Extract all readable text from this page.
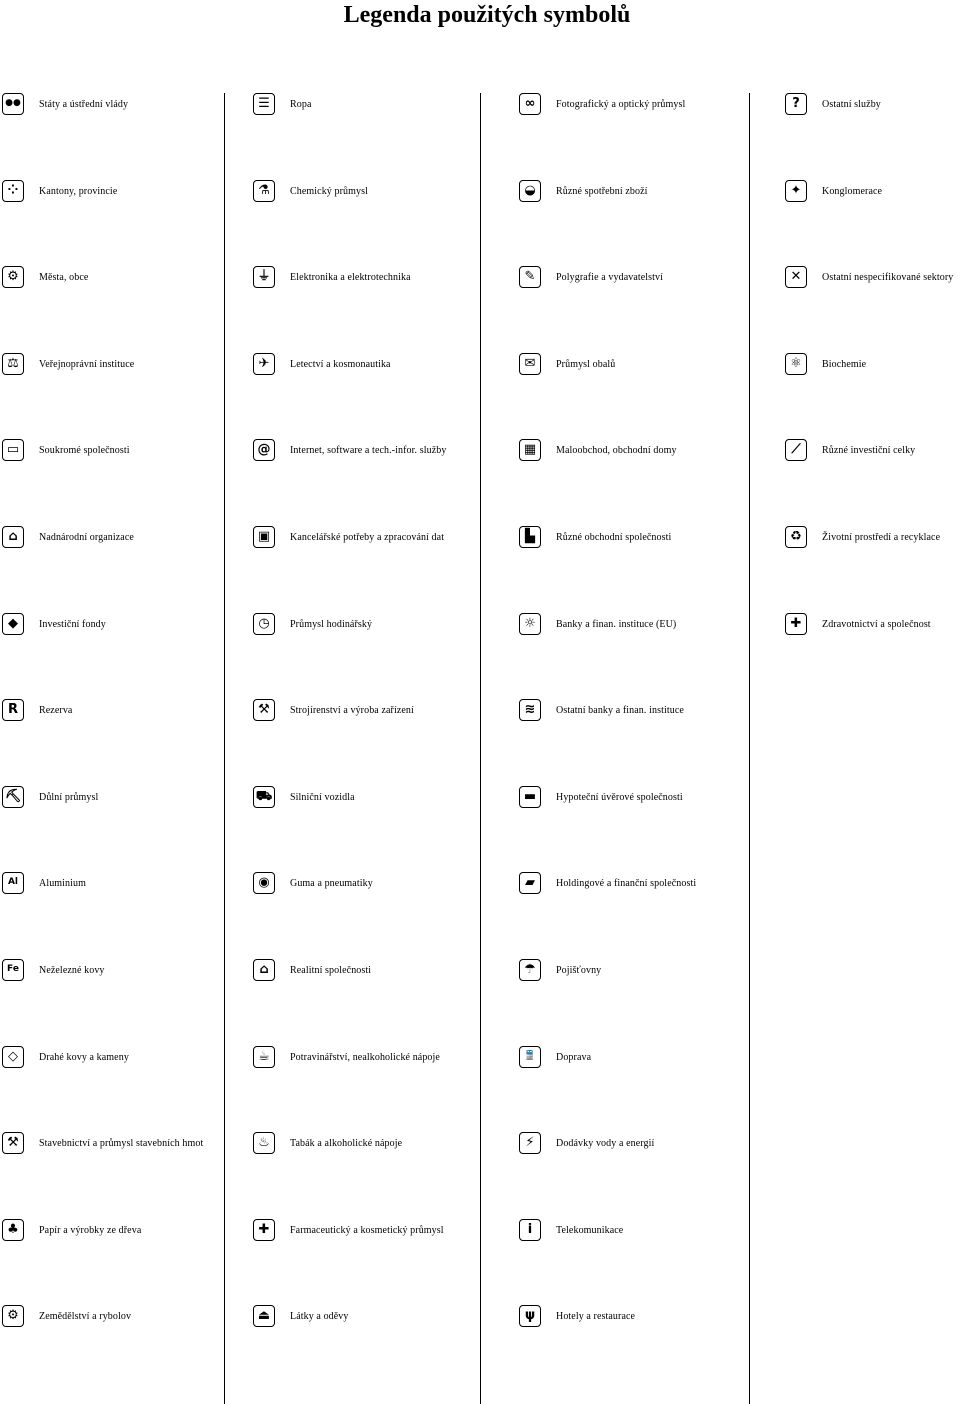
Legenda použitých symbolů
●●	Státy a ústřední vlády
⁘	Kantony, provincie
⚙	Města, obce
⚖	Veřejnoprávní instituce
▭	Soukromé společnosti
⌂	Nadnárodní organizace
◆	Investiční fondy
R	Rezerva
⛏ Důlní průmysl
Al	Aluminium
Fe	Neželezné kovy
◇	Drahé kovy a kameny
⚒	Stavebnictví a průmysl stavebních hmot
♣	Papír a výrobky ze dřeva
⚙	Zemědělství a rybolov
☰	Ropa
⚗	Chemický průmysl
⏚	Elektronika a elektrotechnika
✈	Letectví a kosmonautika
@	Internet, software a tech.-infor. služby
▣	Kancelářské potřeby a zpracování dat
◷	Průmysl hodinářský
⚒	Strojírenství a výroba zařízení
⛟ Silniční vozidla
◉	Guma a pneumatiky
⌂	Realitní společnosti
☕	Potravinářství, nealkoholické nápoje
♨	Tabák a alkoholické nápoje
✚	Farmaceutický a kosmetický průmysl
⏏	Látky a oděvy
∞	Fotografický a optický průmysl
◒	Různé spotřební zboží
✎	Polygrafie a vydavatelství
✉	Průmysl obalů
▦	Maloobchod, obchodní domy
▙	Různé obchodní společnosti
☼	Banky a finan. instituce (EU)
≋	Ostatní banky a finan. instituce
▬	Hypoteční úvěrové společnosti
▰	Holdingové a finanční společnosti
☂	Pojišťovny
🚆	Doprava
⚡	Dodávky vody a energií
i	Telekomunikace
ψ	Hotely a restaurace
?	Ostatní služby
✦	Konglomerace
✕	Ostatní nespecifikované sektory
⚛	Biochemie
⟋	Různé investiční celky
♻	Životní prostředí a recyklace
✚	Zdravotnictví a společnost
